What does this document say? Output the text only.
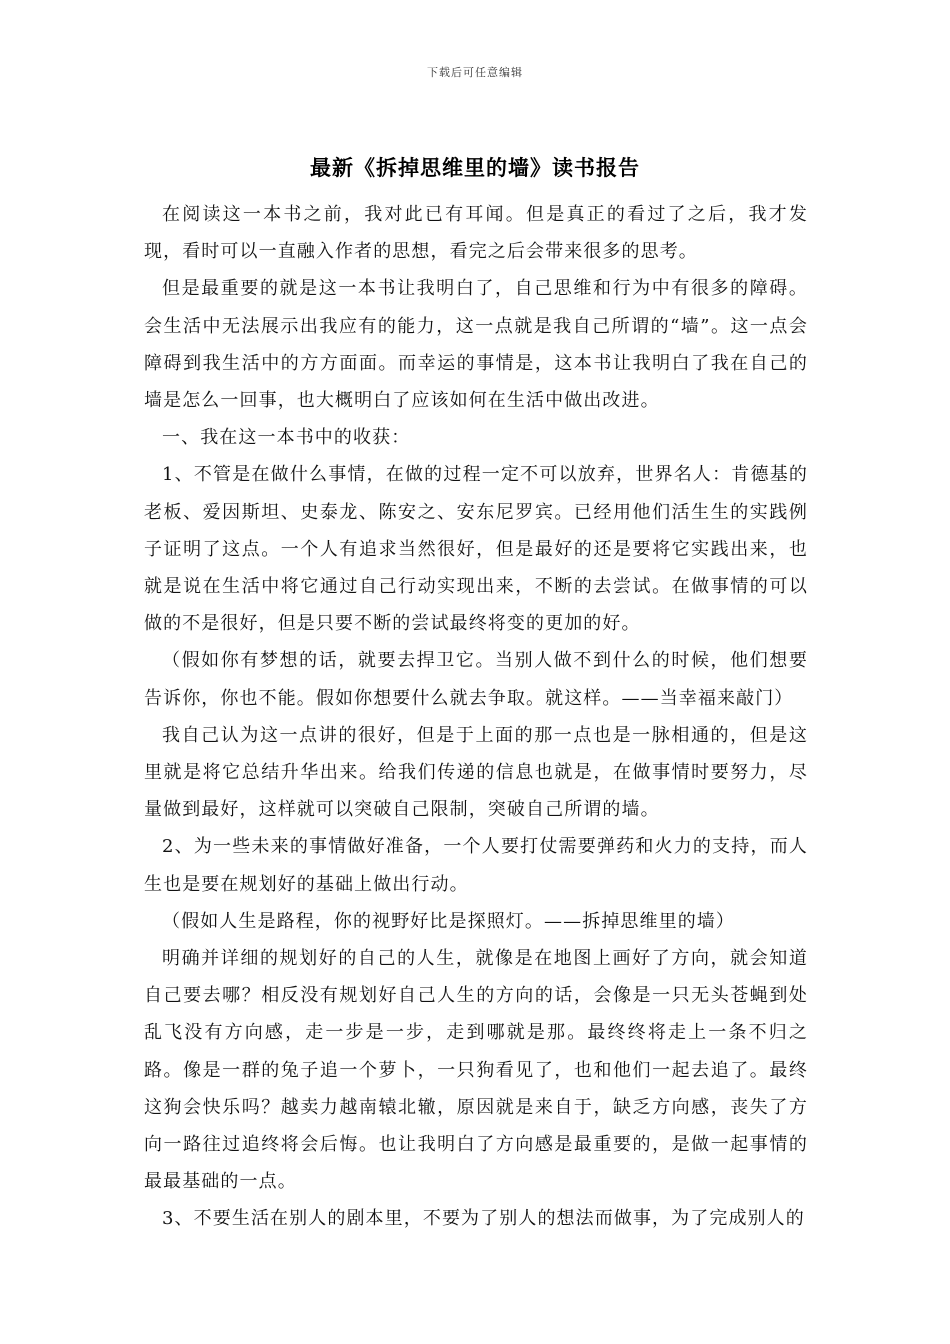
下载后可任意编辑
最新《拆掉思维里的墙》读书报告

在阅读这一本书之前，我对此已有耳闻。但是真正的看过了之后，我才发现，看时可以一直融入作者的思想，看完之后会带来很多的思考。

但是最重要的就是这一本书让我明白了，自己思维和行为中有很多的障碍。会生活中无法展示出我应有的能力，这一点就是我自己所谓的“墙”。这一点会障碍到我生活中的方方面面。而幸运的事情是，这本书让我明白了我在自己的墙是怎么一回事，也大概明白了应该如何在生活中做出改进。

一、我在这一本书中的收获：

1、不管是在做什么事情，在做的过程一定不可以放弃，世界名人：肯德基的老板、爱因斯坦、史泰龙、陈安之、安东尼罗宾。已经用他们活生生的实践例子证明了这点。一个人有追求当然很好，但是最好的还是要将它实践出来，也就是说在生活中将它通过自己行动实现出来，不断的去尝试。在做事情的可以做的不是很好，但是只要不断的尝试最终将变的更加的好。

（假如你有梦想的话，就要去捍卫它。当别人做不到什么的时候，他们想要告诉你，你也不能。假如你想要什么就去争取。就这样。——当幸福来敲门）

我自己认为这一点讲的很好，但是于上面的那一点也是一脉相通的，但是这里就是将它总结升华出来。给我们传递的信息也就是，在做事情时要努力，尽量做到最好，这样就可以突破自己限制，突破自己所谓的墙。

2、为一些未来的事情做好准备，一个人要打仗需要弹药和火力的支持，而人生也是要在规划好的基础上做出行动。

（假如人生是路程，你的视野好比是探照灯。——拆掉思维里的墙）

明确并详细的规划好的自己的人生，就像是在地图上画好了方向，就会知道自己要去哪？相反没有规划好自己人生的方向的话，会像是一只无头苍蝇到处乱飞没有方向感，走一步是一步，走到哪就是那。最终终将走上一条不归之路。像是一群的兔子追一个萝卜，一只狗看见了，也和他们一起去追了。最终这狗会快乐吗？越卖力越南辕北辙，原因就是来自于，缺乏方向感，丧失了方向一路往过追终将会后悔。也让我明白了方向感是最重要的，是做一起事情的最最基础的一点。

3、不要生活在别人的剧本里，不要为了别人的想法而做事，为了完成别人的
